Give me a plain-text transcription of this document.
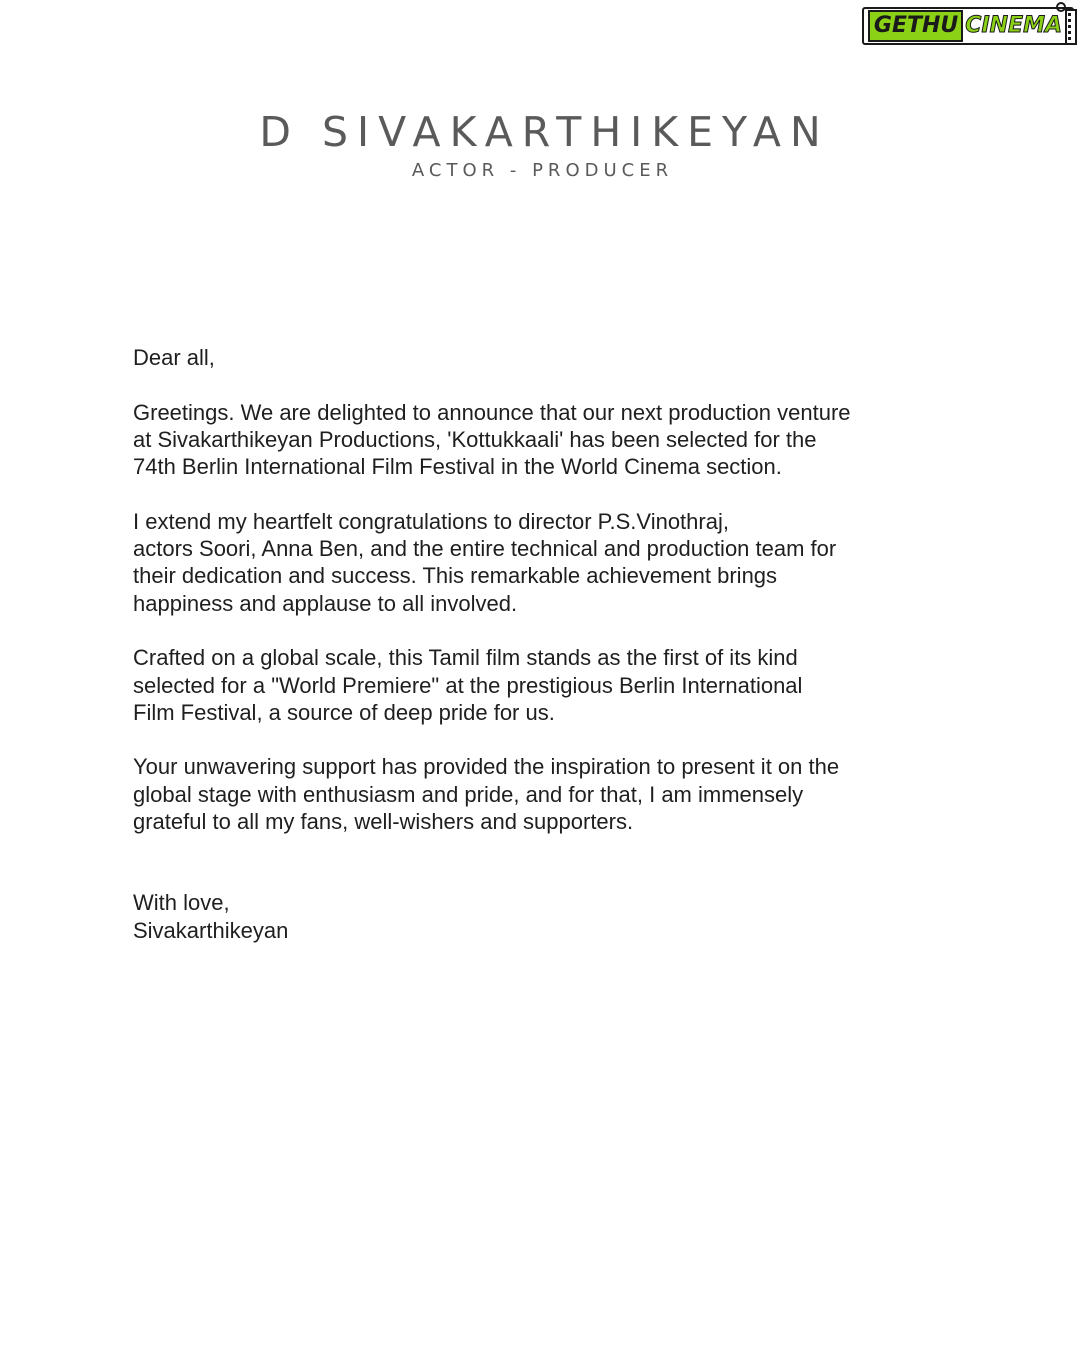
GETHU CINEMA
D SIVAKARTHIKEYAN
ACTOR - PRODUCER

Dear all,

Greetings. We are delighted to announce that our next production venture
at Sivakarthikeyan Productions, 'Kottukkaali' has been selected for the
74th Berlin International Film Festival in the World Cinema section.

I extend my heartfelt congratulations to director P.S.Vinothraj,
actors Soori, Anna Ben, and the entire technical and production team for
their dedication and success. This remarkable achievement brings
happiness and applause to all involved.

Crafted on a global scale, this Tamil film stands as the first of its kind
selected for a "World Premiere" at the prestigious Berlin International
Film Festival, a source of deep pride for us.

Your unwavering support has provided the inspiration to present it on the
global stage with enthusiasm and pride, and for that, I am immensely
grateful to all my fans, well-wishers and supporters.

With love,
Sivakarthikeyan
